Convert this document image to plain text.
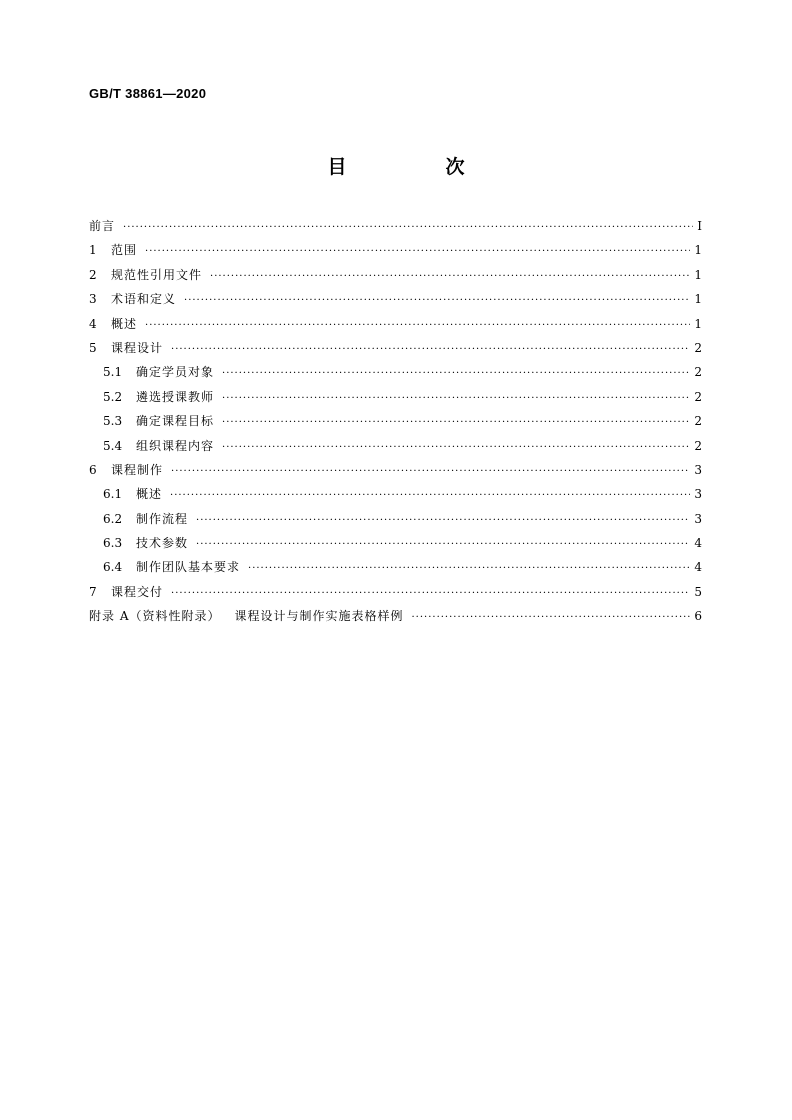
GB/T 38861—2020
目　次
前言 ·····	Ⅰ
1	范围 ·····	1
2	规范性引用文件 ·····	1
3	术语和定义 ·····	1
4	概述 ·····	1
5	课程设计 ·····	2
5.1	确定学员对象 ·····	2
5.2	遴选授课教师 ·····	2
5.3	确定课程目标 ·····	2
5.4	组织课程内容 ·····	2
6	课程制作 ·····	3
6.1	概述 ·····	3
6.2	制作流程 ·····	3
6.3	技术参数 ·····	4
6.4	制作团队基本要求 ·····	4
7	课程交付 ·····	5
附录 A（资料性附录） 课程设计与制作实施表格样例 ·····	6
